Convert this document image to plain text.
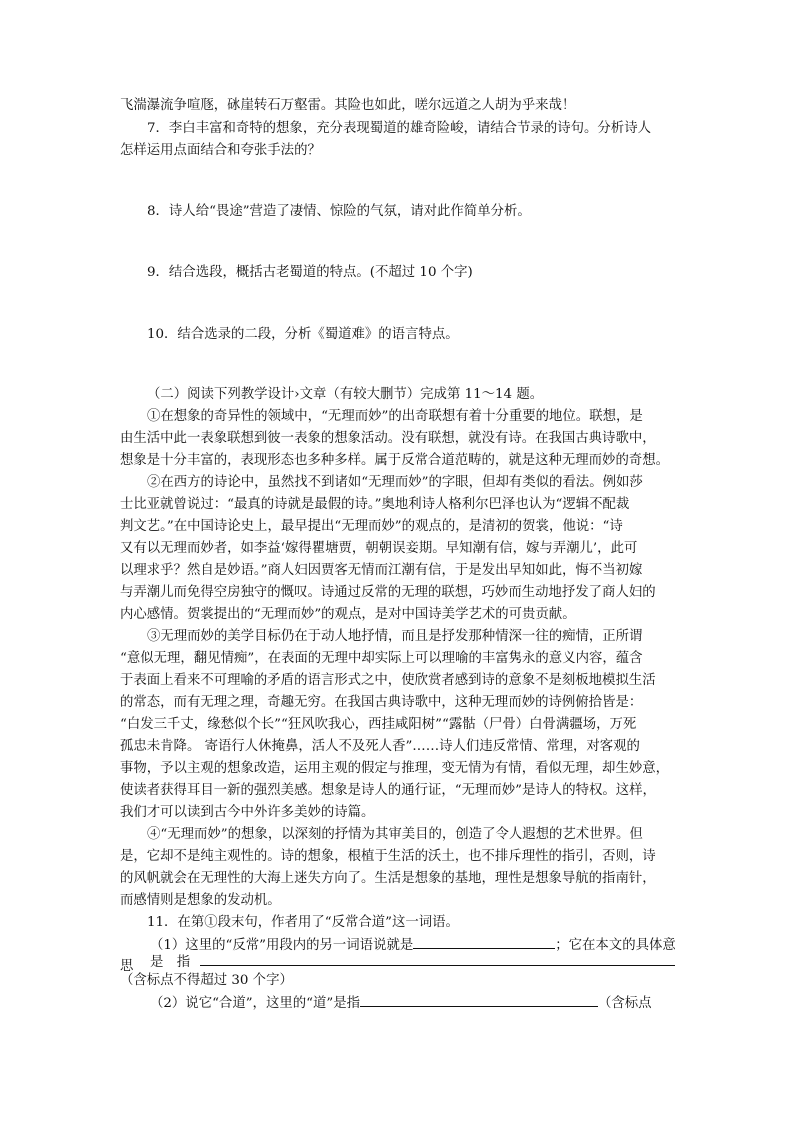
飞湍瀑流争喧豗，砯崖转石万壑雷。其险也如此，嗟尔远道之人胡为乎来哉！
7．李白丰富和奇特的想象，充分表现蜀道的雄奇险峻，请结合节录的诗句。分析诗人
怎样运用点面结合和夸张手法的？
8．诗人给“畏途”营造了凄情、惊险的气氛，请对此作简单分析。
9．结合选段，概括古老蜀道的特点。(不超过 10 个字)
10．结合选录的二段，分析《蜀道难》的语言特点。
（二）阅读下列教学设计›文章（有较大删节）完成第 11～14 题。
①在想象的奇异性的领域中，“无理而妙”的出奇联想有着十分重要的地位。联想，是
由生活中此一表象联想到彼一表象的想象活动。没有联想，就没有诗。在我国古典诗歌中，
想象是十分丰富的，表现形态也多种多样。属于反常合道范畴的，就是这种无理而妙的奇想。
②在西方的诗论中，虽然找不到诸如“无理而妙”的字眼，但却有类似的看法。例如莎
士比亚就曾说过：“最真的诗就是最假的诗。”奥地利诗人格利尔巴泽也认为“逻辑不配裁
判文艺。”在中国诗论史上，最早提出“无理而妙”的观点的，是清初的贺裳，他说：“诗
又有以无理而妙者，如李益‘嫁得瞿塘贾，朝朝误妾期。早知潮有信，嫁与弄潮儿’，此可
以理求乎？然自是妙语。”商人妇因贾客无情而江潮有信，于是发出早知如此，悔不当初嫁
与弄潮儿而免得空房独守的慨叹。诗通过反常的无理的联想，巧妙而生动地抒发了商人妇的
内心感情。贺裳提出的“无理而妙”的观点，是对中国诗美学艺术的可贵贡献。
③无理而妙的美学目标仍在于动人地抒情，而且是抒发那种情深一往的痴情，正所谓
“意似无理，翻见情痴”，在表面的无理中却实际上可以理喻的丰富隽永的意义内容，蕴含
于表面上看来不可理喻的矛盾的语言形式之中，使欣赏者感到诗的意象不是刻板地模拟生活
的常态，而有无理之理，奇趣无穷。在我国古典诗歌中，这种无理而妙的诗例俯拾皆是：
“白发三千丈，缘愁似个长”“狂风吹我心，西挂咸阳树”“露骷（尸骨）白骨满疆场，万死
孤忠未肯降。 寄语行人休掩鼻，活人不及死人香”……诗人们违反常情、常理，对客观的
事物，予以主观的想象改造，运用主观的假定与推理，变无情为有情，看似无理，却生妙意，
使读者获得耳目一新的强烈美感。想象是诗人的通行证，“无理而妙”是诗人的特权。这样，
我们才可以读到古今中外许多美妙的诗篇。
④“无理而妙”的想象，以深刻的抒情为其审美目的，创造了令人遐想的艺术世界。但
是，它却不是纯主观性的。诗的想象，根植于生活的沃土，也不排斥理性的指引，否则，诗
的风帆就会在无理性的大海上迷失方向了。生活是想象的基地，理性是想象导航的指南针，
而感情则是想象的发动机。
11．在第①段末句，作者用了“反常合道”这一词语。
（1）这里的“反常”用段内的另一词语说就是	；它在本文的具体意
思	是　指
（含标点不得超过 30 个字）
（2）说它“合道”，这里的“道”是指	（含标点
